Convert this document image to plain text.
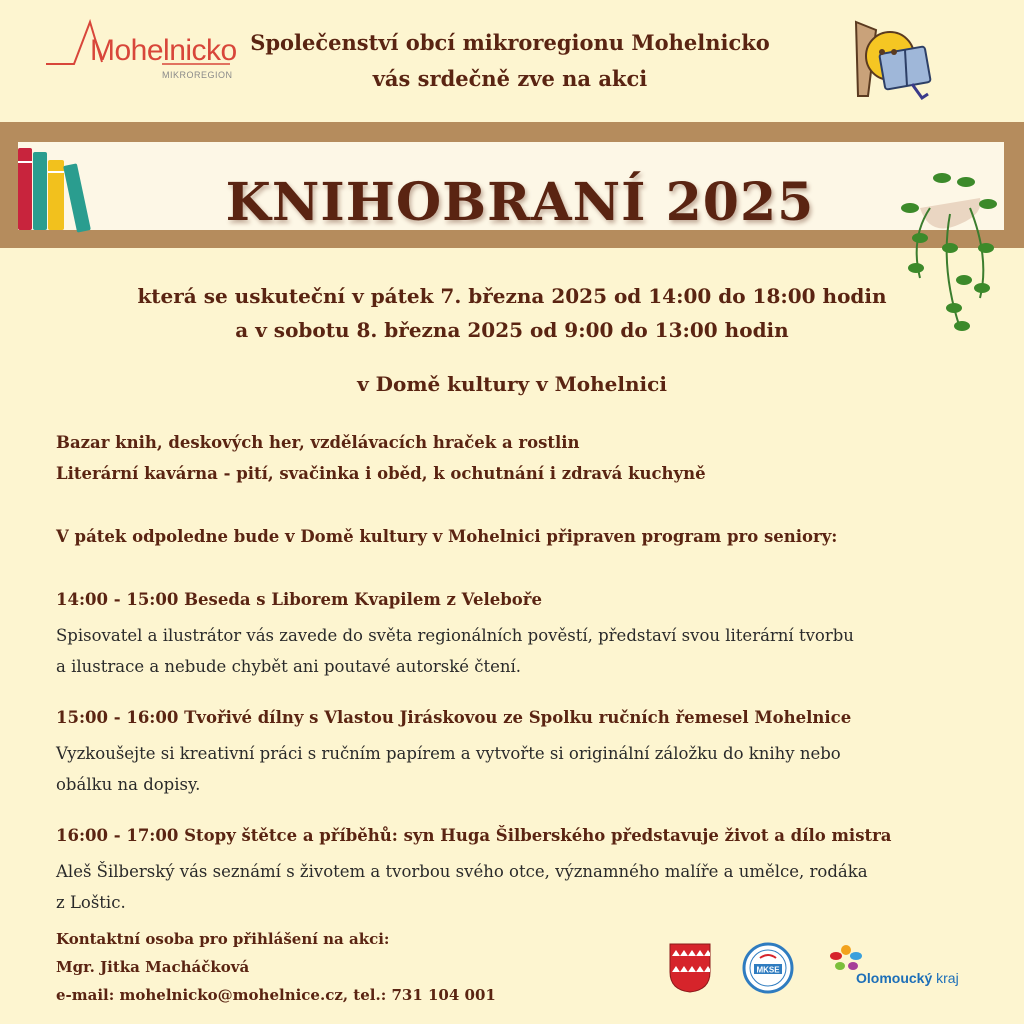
Mohelnicko
MIKROREGION
Společenství obcí mikroregionu Mohelnicko
vás srdečně zve na akci
KNIHOBRANÍ 2025
která se uskuteční v pátek 7. března 2025 od 14:00 do 18:00 hodin
a v sobotu 8. března 2025 od 9:00 do 13:00 hodin
v Domě kultury v Mohelnici
Bazar knih, deskových her, vzdělávacích hraček a rostlin
Literární kavárna - pití, svačinka i oběd, k ochutnání i zdravá kuchyně
V pátek odpoledne bude v Domě kultury v Mohelnici připraven program pro seniory:
14:00 - 15:00 Beseda s Liborem Kvapilem z Veleboře
Spisovatel a ilustrátor vás zavede do světa regionálních pověstí, představí svou literární tvorbu
a ilustrace a nebude chybět ani poutavé autorské čtení.
15:00 - 16:00 Tvořivé dílny s Vlastou Jiráskovou ze Spolku ručních řemesel Mohelnice
Vyzkoušejte si kreativní práci s ručním papírem a vytvořte si originální záložku do knihy nebo
obálku na dopisy.
16:00 - 17:00 Stopy štětce a příběhů: syn Huga Šilberského představuje život a dílo mistra
Aleš Šilberský vás seznámí s životem a tvorbou svého otce, významného malíře a umělce, rodáka
z Loštic.
Kontaktní osoba pro přihlášení na akci:
Mgr. Jitka Macháčková
e-mail: mohelnicko@mohelnice.cz, tel.: 731 104 001
MKSE	Olomoucký kraj
